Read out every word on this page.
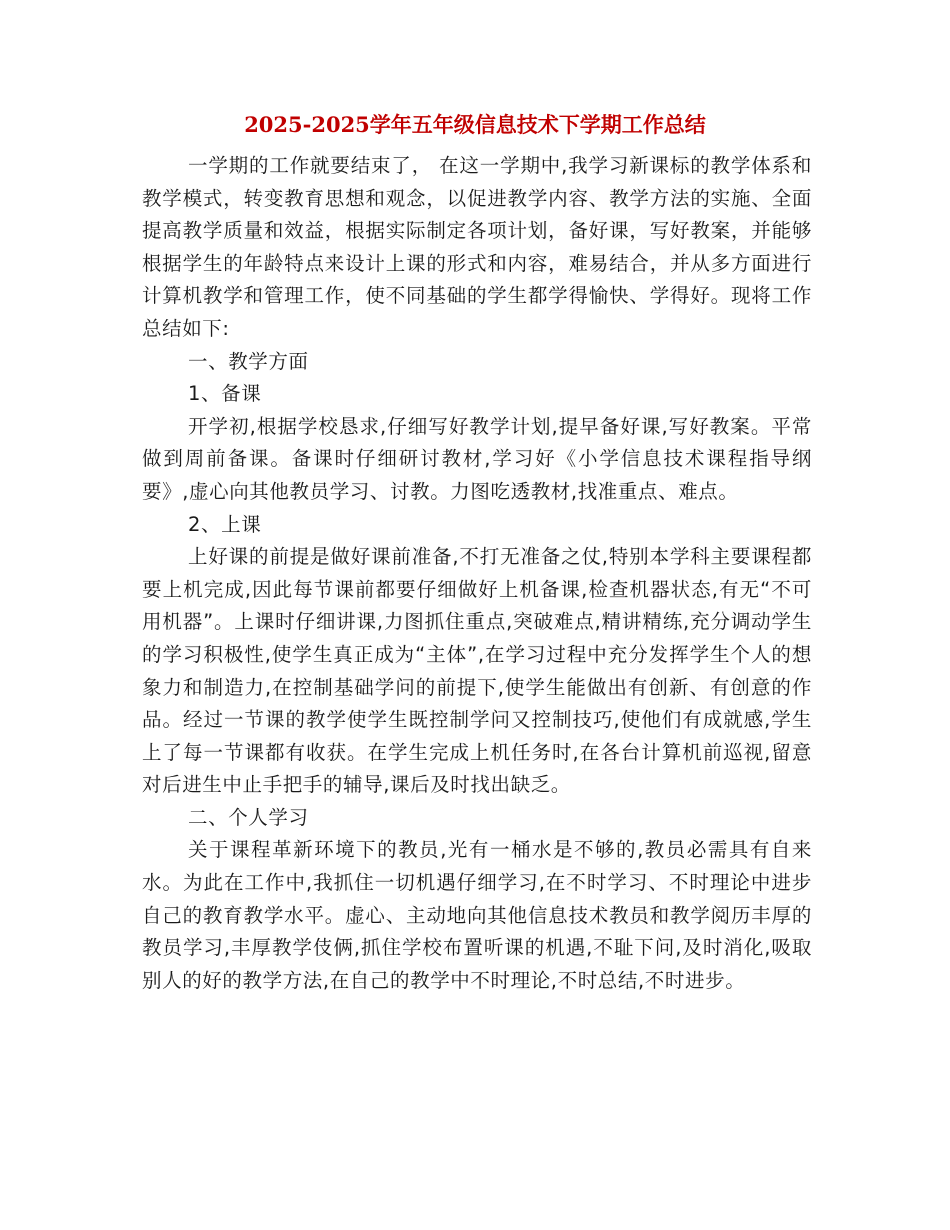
2025-2025学年五年级信息技术下学期工作总结

一学期的工作就要结束了， 在这一学期中,我学习新课标的教学体系和教学模式，转变教育思想和观念，以促进教学内容、教学方法的实施、全面提高教学质量和效益，根据实际制定各项计划，备好课，写好教案，并能够根据学生的年龄特点来设计上课的形式和内容，难易结合，并从多方面进行计算机教学和管理工作，使不同基础的学生都学得愉快、学得好。现将工作总结如下:

一、教学方面

1、备课

开学初,根据学校恳求,仔细写好教学计划,提早备好课,写好教案。平常做到周前备课。备课时仔细研讨教材,学习好《小学信息技术课程指导纲要》,虚心向其他教员学习、讨教。力图吃透教材,找准重点、难点。

2、上课

上好课的前提是做好课前准备,不打无准备之仗,特别本学科主要课程都要上机完成,因此每节课前都要仔细做好上机备课,检查机器状态,有无“不可用机器”。上课时仔细讲课,力图抓住重点,突破难点,精讲精练,充分调动学生的学习积极性,使学生真正成为“主体”,在学习过程中充分发挥学生个人的想象力和制造力,在控制基础学问的前提下,使学生能做出有创新、有创意的作品。经过一节课的教学使学生既控制学问又控制技巧,使他们有成就感,学生上了每一节课都有收获。在学生完成上机任务时,在各台计算机前巡视,留意对后进生中止手把手的辅导,课后及时找出缺乏。

二、个人学习

关于课程革新环境下的教员,光有一桶水是不够的,教员必需具有自来水。为此在工作中,我抓住一切机遇仔细学习,在不时学习、不时理论中进步自己的教育教学水平。虚心、主动地向其他信息技术教员和教学阅历丰厚的教员学习,丰厚教学伎俩,抓住学校布置听课的机遇,不耻下问,及时消化,吸取别人的好的教学方法,在自己的教学中不时理论,不时总结,不时进步。
